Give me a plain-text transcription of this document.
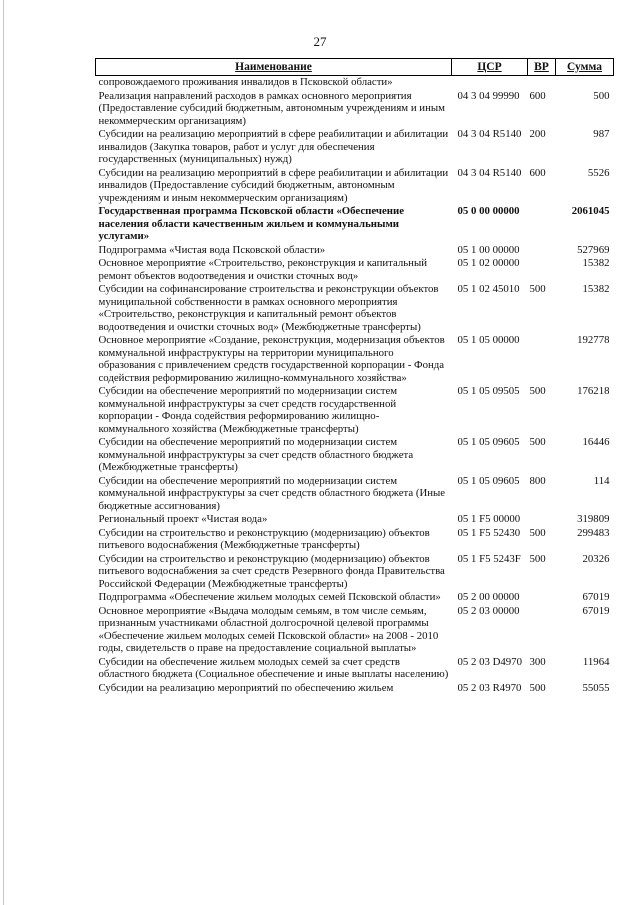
27
Наименование	ЦСР	ВР	Сумма
сопровождаемого проживания инвалидов в Псковской области»			
Реализация направлений расходов в рамках основного мероприятия (Предоставление субсидий бюджетным, автономным учреждениям и иным некоммерческим организациям)	04 3 04 99990	600	500
Субсидии на реализацию мероприятий в сфере реабилитации и абилитации инвалидов (Закупка товаров, работ и услуг для обеспечения государственных (муниципальных) нужд)	04 3 04 R5140	200	987
Субсидии на реализацию мероприятий в сфере реабилитации и абилитации инвалидов (Предоставление субсидий бюджетным, автономным учреждениям и иным некоммерческим организациям)	04 3 04 R5140	600	5526
Государственная программа Псковской области «Обеспечение населения области качественным жильем и коммунальными услугами»	05 0 00 00000		2061045
Подпрограмма «Чистая вода Псковской области»	05 1 00 00000		527969
Основное мероприятие «Строительство, реконструкция и капитальный ремонт объектов водоотведения и очистки сточных вод»	05 1 02 00000		15382
Субсидии на софинансирование строительства и реконструкции объектов муниципальной собственности в рамках основного мероприятия «Строительство, реконструкция и капитальный ремонт объектов водоотведения и очистки сточных вод» (Межбюджетные трансферты)	05 1 02 45010	500	15382
Основное мероприятие «Создание, реконструкция, модернизация объектов коммунальной инфраструктуры на территории муниципального образования с привлечением средств государственной корпорации - Фонда содействия реформированию жилищно-коммунального хозяйства»	05 1 05 00000		192778
Субсидии на обеспечение мероприятий по модернизации систем коммунальной инфраструктуры за счет средств государственной корпорации - Фонда содействия реформированию жилищно-коммунального хозяйства (Межбюджетные трансферты)	05 1 05 09505	500	176218
Субсидии на обеспечение мероприятий по модернизации систем коммунальной инфраструктуры за счет средств областного бюджета (Межбюджетные трансферты)	05 1 05 09605	500	16446
Субсидии на обеспечение мероприятий по модернизации систем коммунальной инфраструктуры за счет средств областного бюджета (Иные бюджетные ассигнования)	05 1 05 09605	800	114
Региональный проект «Чистая вода»	05 1 F5 00000		319809
Субсидии на строительство и реконструкцию (модернизацию) объектов питьевого водоснабжения (Межбюджетные трансферты)	05 1 F5 52430	500	299483
Субсидии на строительство и реконструкцию (модернизацию) объектов питьевого водоснабжения за счет средств Резервного фонда Правительства Российской Федерации (Межбюджетные трансферты)	05 1 F5 5243F	500	20326
Подпрограмма «Обеспечение жильем молодых семей Псковской области»	05 2 00 00000		67019
Основное мероприятие «Выдача молодым семьям, в том числе семьям, признанным участниками областной долгосрочной целевой программы «Обеспечение жильем молодых семей Псковской области» на 2008 - 2010 годы, свидетельств о праве на предоставление социальной выплаты»	05 2 03 00000		67019
Субсидии на обеспечение жильем молодых семей за счет средств областного бюджета (Социальное обеспечение и иные выплаты населению)	05 2 03 D4970	300	11964
Субсидии на реализацию мероприятий по обеспечению жильем	05 2 03 R4970	500	55055
